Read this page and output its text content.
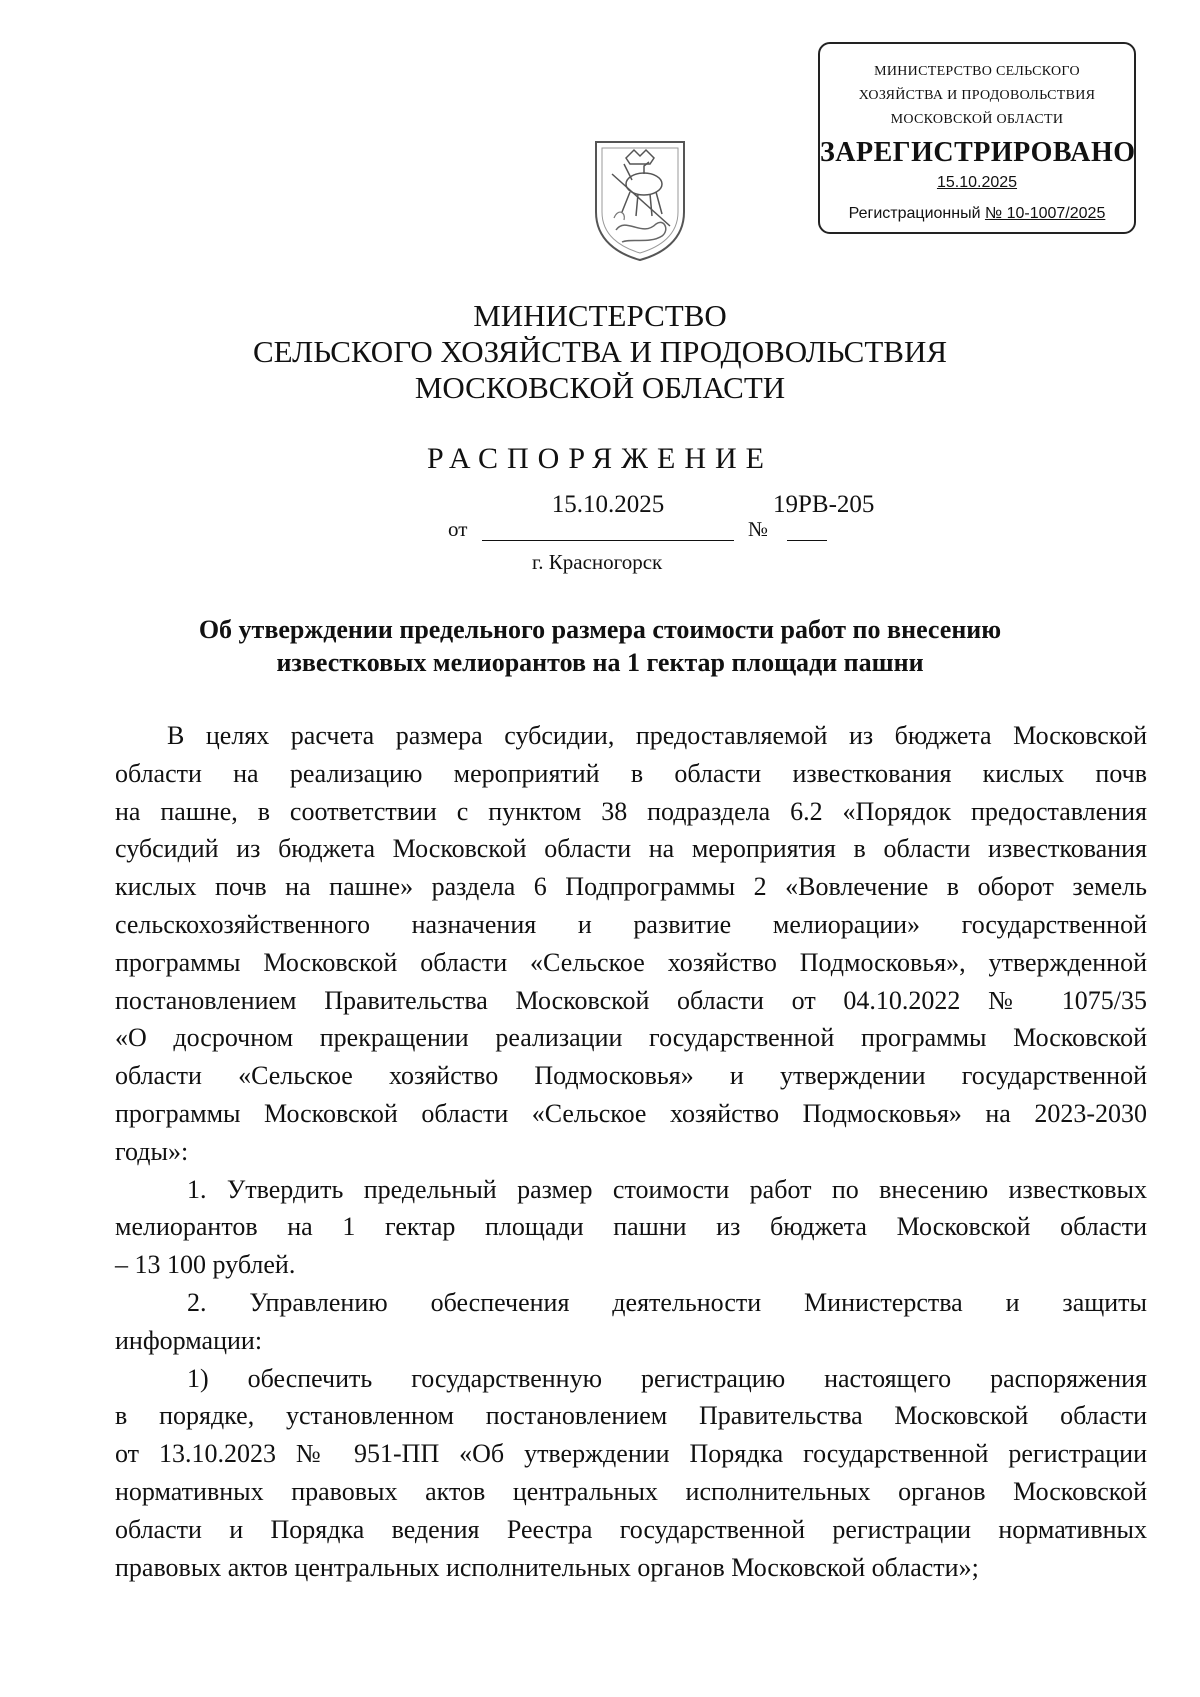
МИНИСТЕРСТВО СЕЛЬСКОГО
ХОЗЯЙСТВА И ПРОДОВОЛЬСТВИЯ
МОСКОВСКОЙ ОБЛАСТИ
ЗАРЕГИСТРИРОВАНО
15.10.2025
Регистрационный № 10-1007/2025
МИНИСТЕРСТВО
СЕЛЬСКОГО ХОЗЯЙСТВА И ПРОДОВОЛЬСТВИЯ
МОСКОВСКОЙ ОБЛАСТИ
РАСПОРЯЖЕНИЕ
15.10.2025	19РВ-205
от	№
г. Красногорск
Об утверждении предельного размера стоимости работ по внесению
известковых мелиорантов на 1 гектар площади пашни
В целях расчета размера субсидии, предоставляемой из бюджета Московской
области на реализацию мероприятий в области известкования кислых почв
на пашне, в соответствии с пунктом 38 подраздела 6.2 «Порядок предоставления
субсидий из бюджета Московской области на мероприятия в области известкования
кислых почв на пашне» раздела 6 Подпрограммы 2 «Вовлечение в оборот земель
сельскохозяйственного назначения и развитие мелиорации» государственной
программы Московской области «Сельское хозяйство Подмосковья», утвержденной
постановлением Правительства Московской области от 04.10.2022 № 1075/35
«О досрочном прекращении реализации государственной программы Московской
области «Сельское хозяйство Подмосковья» и утверждении государственной
программы Московской области «Сельское хозяйство Подмосковья» на 2023-2030
годы»:
1. Утвердить предельный размер стоимости работ по внесению известковых
мелиорантов на 1 гектар площади пашни из бюджета Московской области
– 13 100 рублей.
2. Управлению обеспечения деятельности Министерства и защиты
информации:
1) обеспечить государственную регистрацию настоящего распоряжения
в порядке, установленном постановлением Правительства Московской области
от 13.10.2023 № 951-ПП «Об утверждении Порядка государственной регистрации
нормативных правовых актов центральных исполнительных органов Московской
области и Порядка ведения Реестра государственной регистрации нормативных
правовых актов центральных исполнительных органов Московской области»;
